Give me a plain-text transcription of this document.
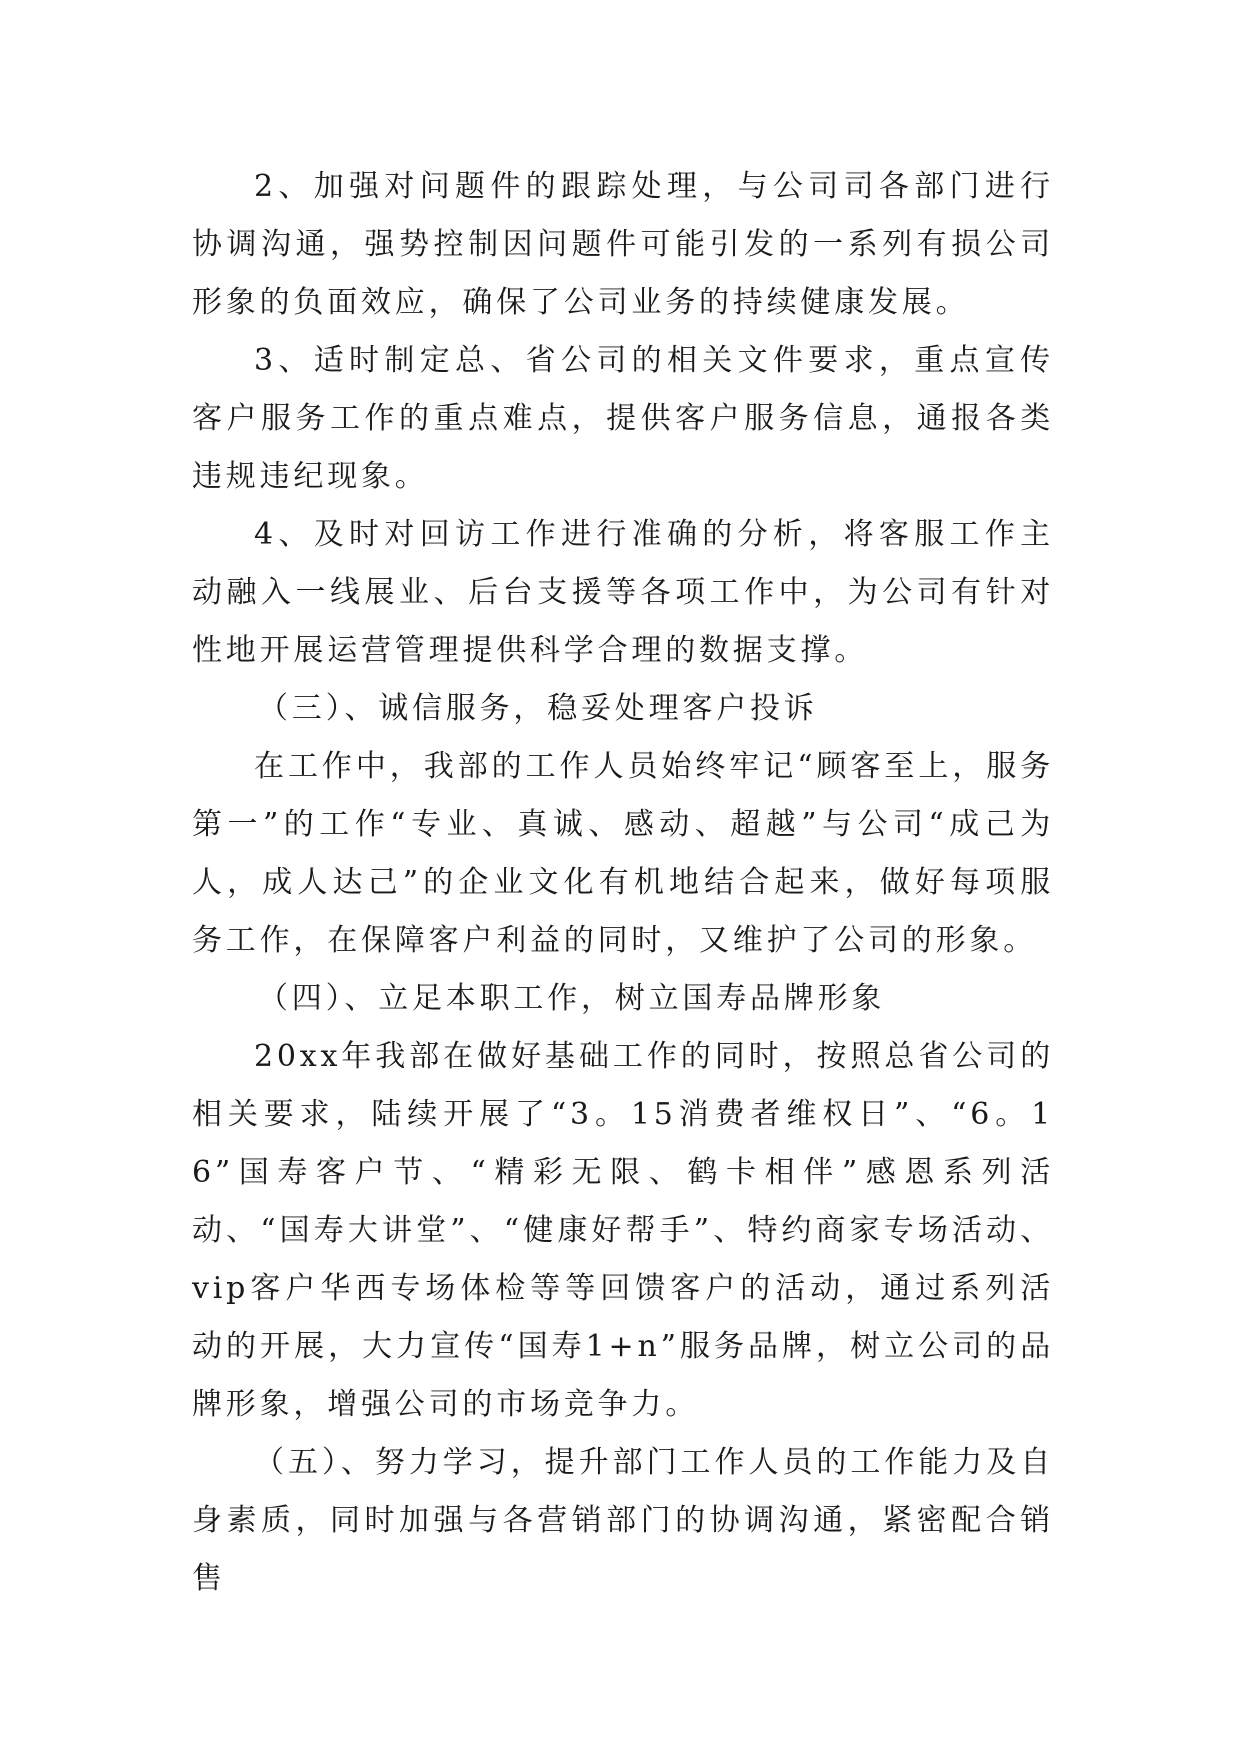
2、加强对问题件的跟踪处理，与公司司各部门进行协调沟通，强势控制因问题件可能引发的一系列有损公司形象的负面效应，确保了公司业务的持续健康发展。

3、适时制定总、省公司的相关文件要求，重点宣传客户服务工作的重点难点，提供客户服务信息，通报各类违规违纪现象。

4、及时对回访工作进行准确的分析，将客服工作主动融入一线展业、后台支援等各项工作中，为公司有针对性地开展运营管理提供科学合理的数据支撑。

（三）、诚信服务，稳妥处理客户投诉

在工作中，我部的工作人员始终牢记“顾客至上，服务第一”的工作“专业、真诚、感动、超越”与公司“成己为人，成人达己”的企业文化有机地结合起来，做好每项服务工作，在保障客户利益的同时，又维护了公司的形象。

（四）、立足本职工作，树立国寿品牌形象

20xx年我部在做好基础工作的同时，按照总省公司的相关要求，陆续开展了“3。15消费者维权日”、“6。16”国寿客户节、“精彩无限、鹤卡相伴”感恩系列活动、“国寿大讲堂”、“健康好帮手”、特约商家专场活动、vip客户华西专场体检等等回馈客户的活动，通过系列活动的开展，大力宣传“国寿1+n”服务品牌，树立公司的品牌形象，增强公司的市场竞争力。

（五）、努力学习，提升部门工作人员的工作能力及自身素质，同时加强与各营销部门的协调沟通，紧密配合销售
